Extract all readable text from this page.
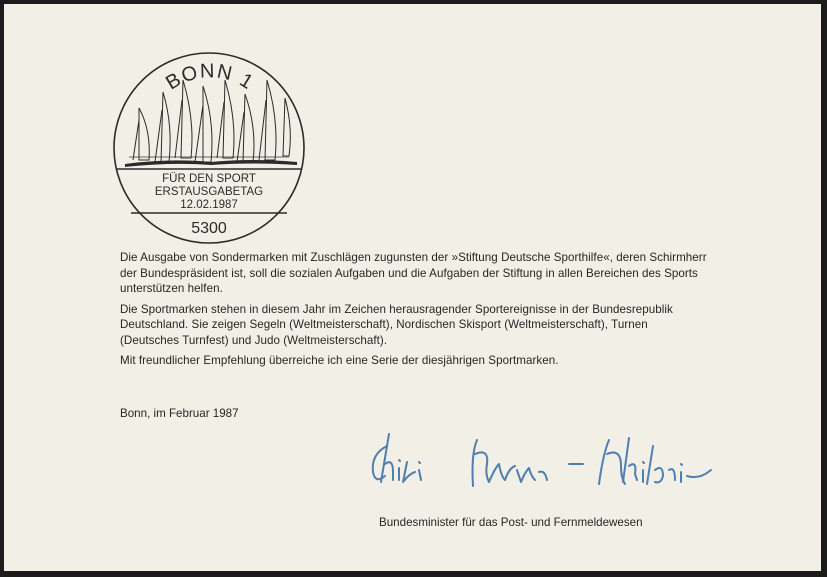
BONN 1
FÜR DEN SPORT
ERSTAUSGABETAG
12.02.1987
5300

Die Ausgabe von Sondermarken mit Zuschlägen zugunsten der »Stiftung Deutsche Sporthilfe«, deren Schirmherr der Bundespräsident ist, soll die sozialen Aufgaben und die Aufgaben der Stiftung in allen Bereichen des Sports unterstützen helfen.

Die Sportmarken stehen in diesem Jahr im Zeichen herausragender Sportereignisse in der Bundesrepublik Deutschland. Sie zeigen Segeln (Weltmeisterschaft), Nordischen Skisport (Weltmeisterschaft), Turnen (Deutsches Turnfest) und Judo (Weltmeisterschaft).

Mit freundlicher Empfehlung überreiche ich eine Serie der diesjährigen Sportmarken.

Bonn, im Februar 1987
Bundesminister für das Post- und Fernmeldewesen
